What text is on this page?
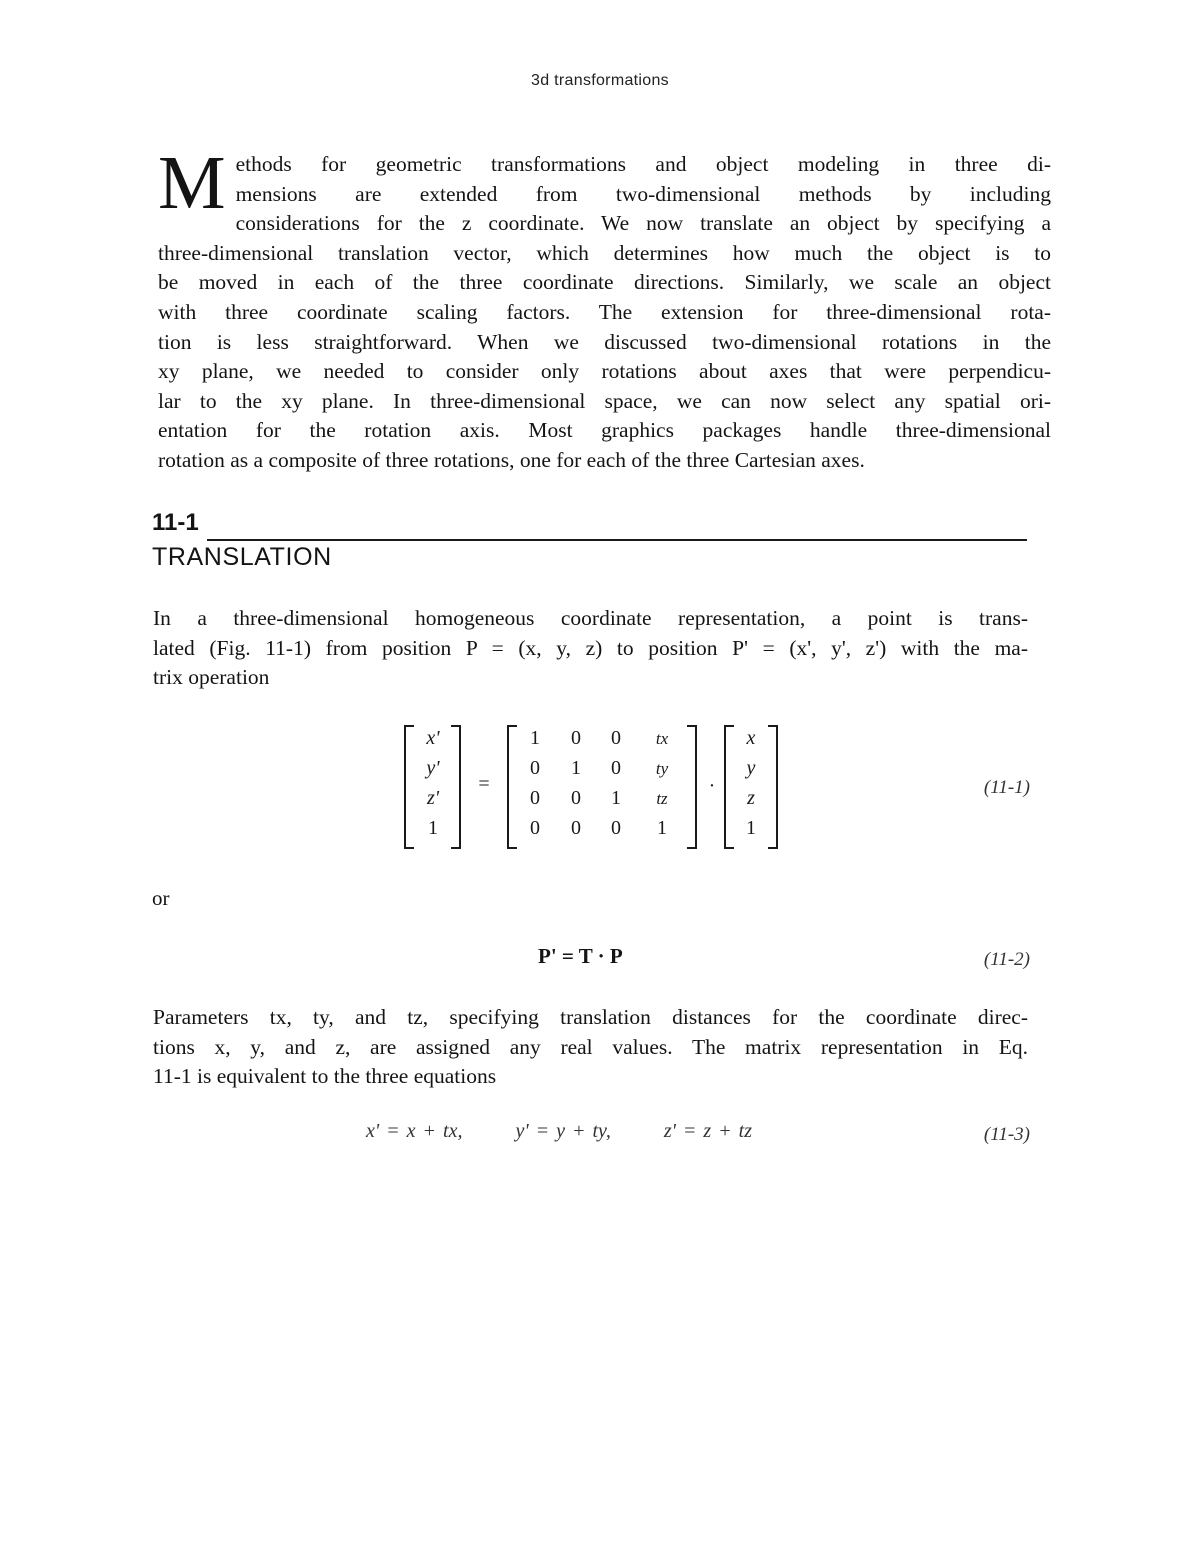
3d transformations
M ethods for geometric transformations and object modeling in three di-
mensions are extended from two-dimensional methods by including
considerations for the z coordinate. We now translate an object by specifying a
three-dimensional translation vector, which determines how much the object is to
be moved in each of the three coordinate directions. Similarly, we scale an object
with three coordinate scaling factors. The extension for three-dimensional rota-
tion is less straightforward. When we discussed two-dimensional rotations in the
xy plane, we needed to consider only rotations about axes that were perpendicu-
lar to the xy plane. In three-dimensional space, we can now select any spatial ori-
entation for the rotation axis. Most graphics packages handle three-dimensional
rotation as a composite of three rotations, one for each of the three Cartesian axes.
11-1
TRANSLATION
In a three-dimensional homogeneous coordinate representation, a point is trans-
lated (Fig. 11-1) from position P = (x, y, z) to position P' = (x', y', z') with the ma-
trix operation
x'
y'
z'
1
=
1 0 0 tx
0 1 0 ty
0 0 1 tz
0 0 0 1
·
x
y
z
1
(11-1)
or
P' = T · P	(11-2)
Parameters tx, ty, and tz, specifying translation distances for the coordinate direc-
tions x, y, and z, are assigned any real values. The matrix representation in Eq.
11-1 is equivalent to the three equations
x' = x + tx,	y' = y + ty,	z' = z + tz	(11-3)
